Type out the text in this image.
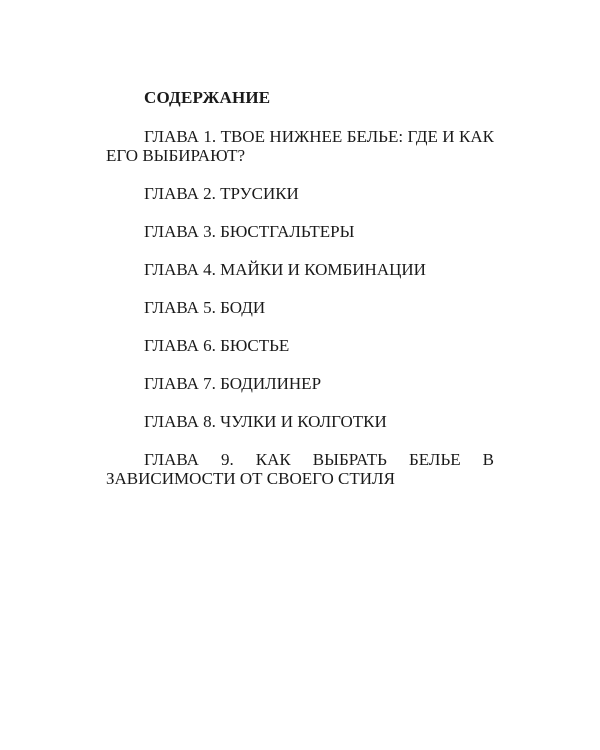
СОДЕРЖАНИЕ
ГЛАВА 1. ТВОЕ НИЖНЕЕ БЕЛЬЕ: ГДЕ И КАК ЕГО ВЫБИРАЮТ?
ГЛАВА 2. ТРУСИКИ
ГЛАВА 3. БЮСТГАЛЬТЕРЫ
ГЛАВА 4. МАЙКИ И КОМБИНАЦИИ
ГЛАВА 5. БОДИ
ГЛАВА 6. БЮСТЬЕ
ГЛАВА 7. БОДИЛИНЕР
ГЛАВА 8. ЧУЛКИ И КОЛГОТКИ
ГЛАВА 9. КАК ВЫБРАТЬ БЕЛЬЕ В ЗАВИСИМОСТИ ОТ СВОЕГО СТИЛЯ
